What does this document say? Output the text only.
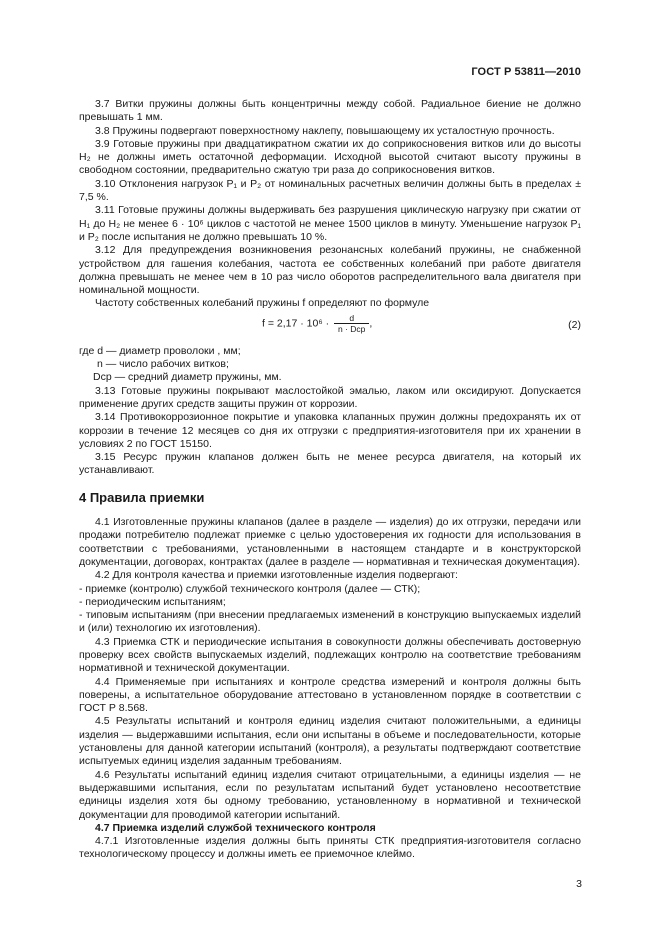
ГОСТ Р 53811—2010

3.7 Витки пружины должны быть концентричны между собой. Радиальное биение не должно превышать 1 мм.

3.8 Пружины подвергают поверхностному наклепу, повышающему их усталостную прочность.

3.9 Готовые пружины при двадцатикратном сжатии их до соприкосновения витков или до высоты Н₂ не должны иметь остаточной деформации. Исходной высотой считают высоту пружины в свободном состоянии, предварительно сжатую три раза до соприкосновения витков.

3.10 Отклонения нагрузок P₁ и P₂ от номинальных расчетных величин должны быть в пределах ± 7,5 %.

3.11 Готовые пружины должны выдерживать без разрушения циклическую нагрузку при сжатии от H₁ до H₂ не менее 6 · 10⁶ циклов с частотой не менее 1500 циклов в минуту. Уменьшение нагрузок P₁ и P₂ после испытания не должно превышать 10 %.

3.12 Для предупреждения возникновения резонансных колебаний пружины, не снабженной устройством для гашения колебания, частота ее собственных колебаний при работе двигателя должна превышать не менее чем в 10 раз число оборотов распределительного вала двигателя при номинальной мощности.

Частоту собственных колебаний пружины f определяют по формуле

$f = 2,17 \cdot 10^6 \cdot \frac{d}{\text{n · Dср}}$ ,	(2)

где d — диаметр проволоки , мм;

n — число рабочих витков;

Dср — средний диаметр пружины, мм.

3.13 Готовые пружины покрывают маслостойкой эмалью, лаком или оксидируют. Допускается применение других средств защиты пружин от коррозии.

3.14 Противокоррозионное покрытие и упаковка клапанных пружин должны предохранять их от коррозии в течение 12 месяцев со дня их отгрузки с предприятия-изготовителя при их хранении в условиях 2 по ГОСТ 15150.

3.15 Ресурс пружин клапанов должен быть не менее ресурса двигателя, на который их устанавливают.

4 Правила приемки

4.1 Изготовленные пружины клапанов (далее в разделе — изделия) до их отгрузки, передачи или продажи потребителю подлежат приемке с целью удостоверения их годности для использования в соответствии с требованиями, установленными в настоящем стандарте и в конструкторской документации, договорах, контрактах (далее в разделе — нормативная и техническая документация).

4.2 Для контроля качества и приемки изготовленные изделия подвергают:

- приемке (контролю) службой технического контроля (далее — СТК);

- периодическим испытаниям;

- типовым испытаниям (при внесении предлагаемых изменений в конструкцию выпускаемых изделий и (или) технологию их изготовления).

4.3 Приемка СТК и периодические испытания в совокупности должны обеспечивать достоверную проверку всех свойств выпускаемых изделий, подлежащих контролю на соответствие требованиям нормативной и технической документации.

4.4 Применяемые при испытаниях и контроле средства измерений и контроля должны быть поверены, а испытательное оборудование аттестовано в установленном порядке в соответствии с ГОСТ Р 8.568.

4.5 Результаты испытаний и контроля единиц изделия считают положительными, а единицы изделия — выдержавшими испытания, если они испытаны в объеме и последовательности, которые установлены для данной категории испытаний (контроля), а результаты подтверждают соответствие испытуемых единиц изделия заданным требованиям.

4.6 Результаты испытаний единиц изделия считают отрицательными, а единицы изделия — не выдержавшими испытания, если по результатам испытаний будет установлено несоответствие единицы изделия хотя бы одному требованию, установленному в нормативной и технической документации для проводимой категории испытаний.

4.7 Приемка изделий службой технического контроля

4.7.1 Изготовленные изделия должны быть приняты СТК предприятия-изготовителя согласно технологическому процессу и должны иметь ее приемочное клеймо.

3
